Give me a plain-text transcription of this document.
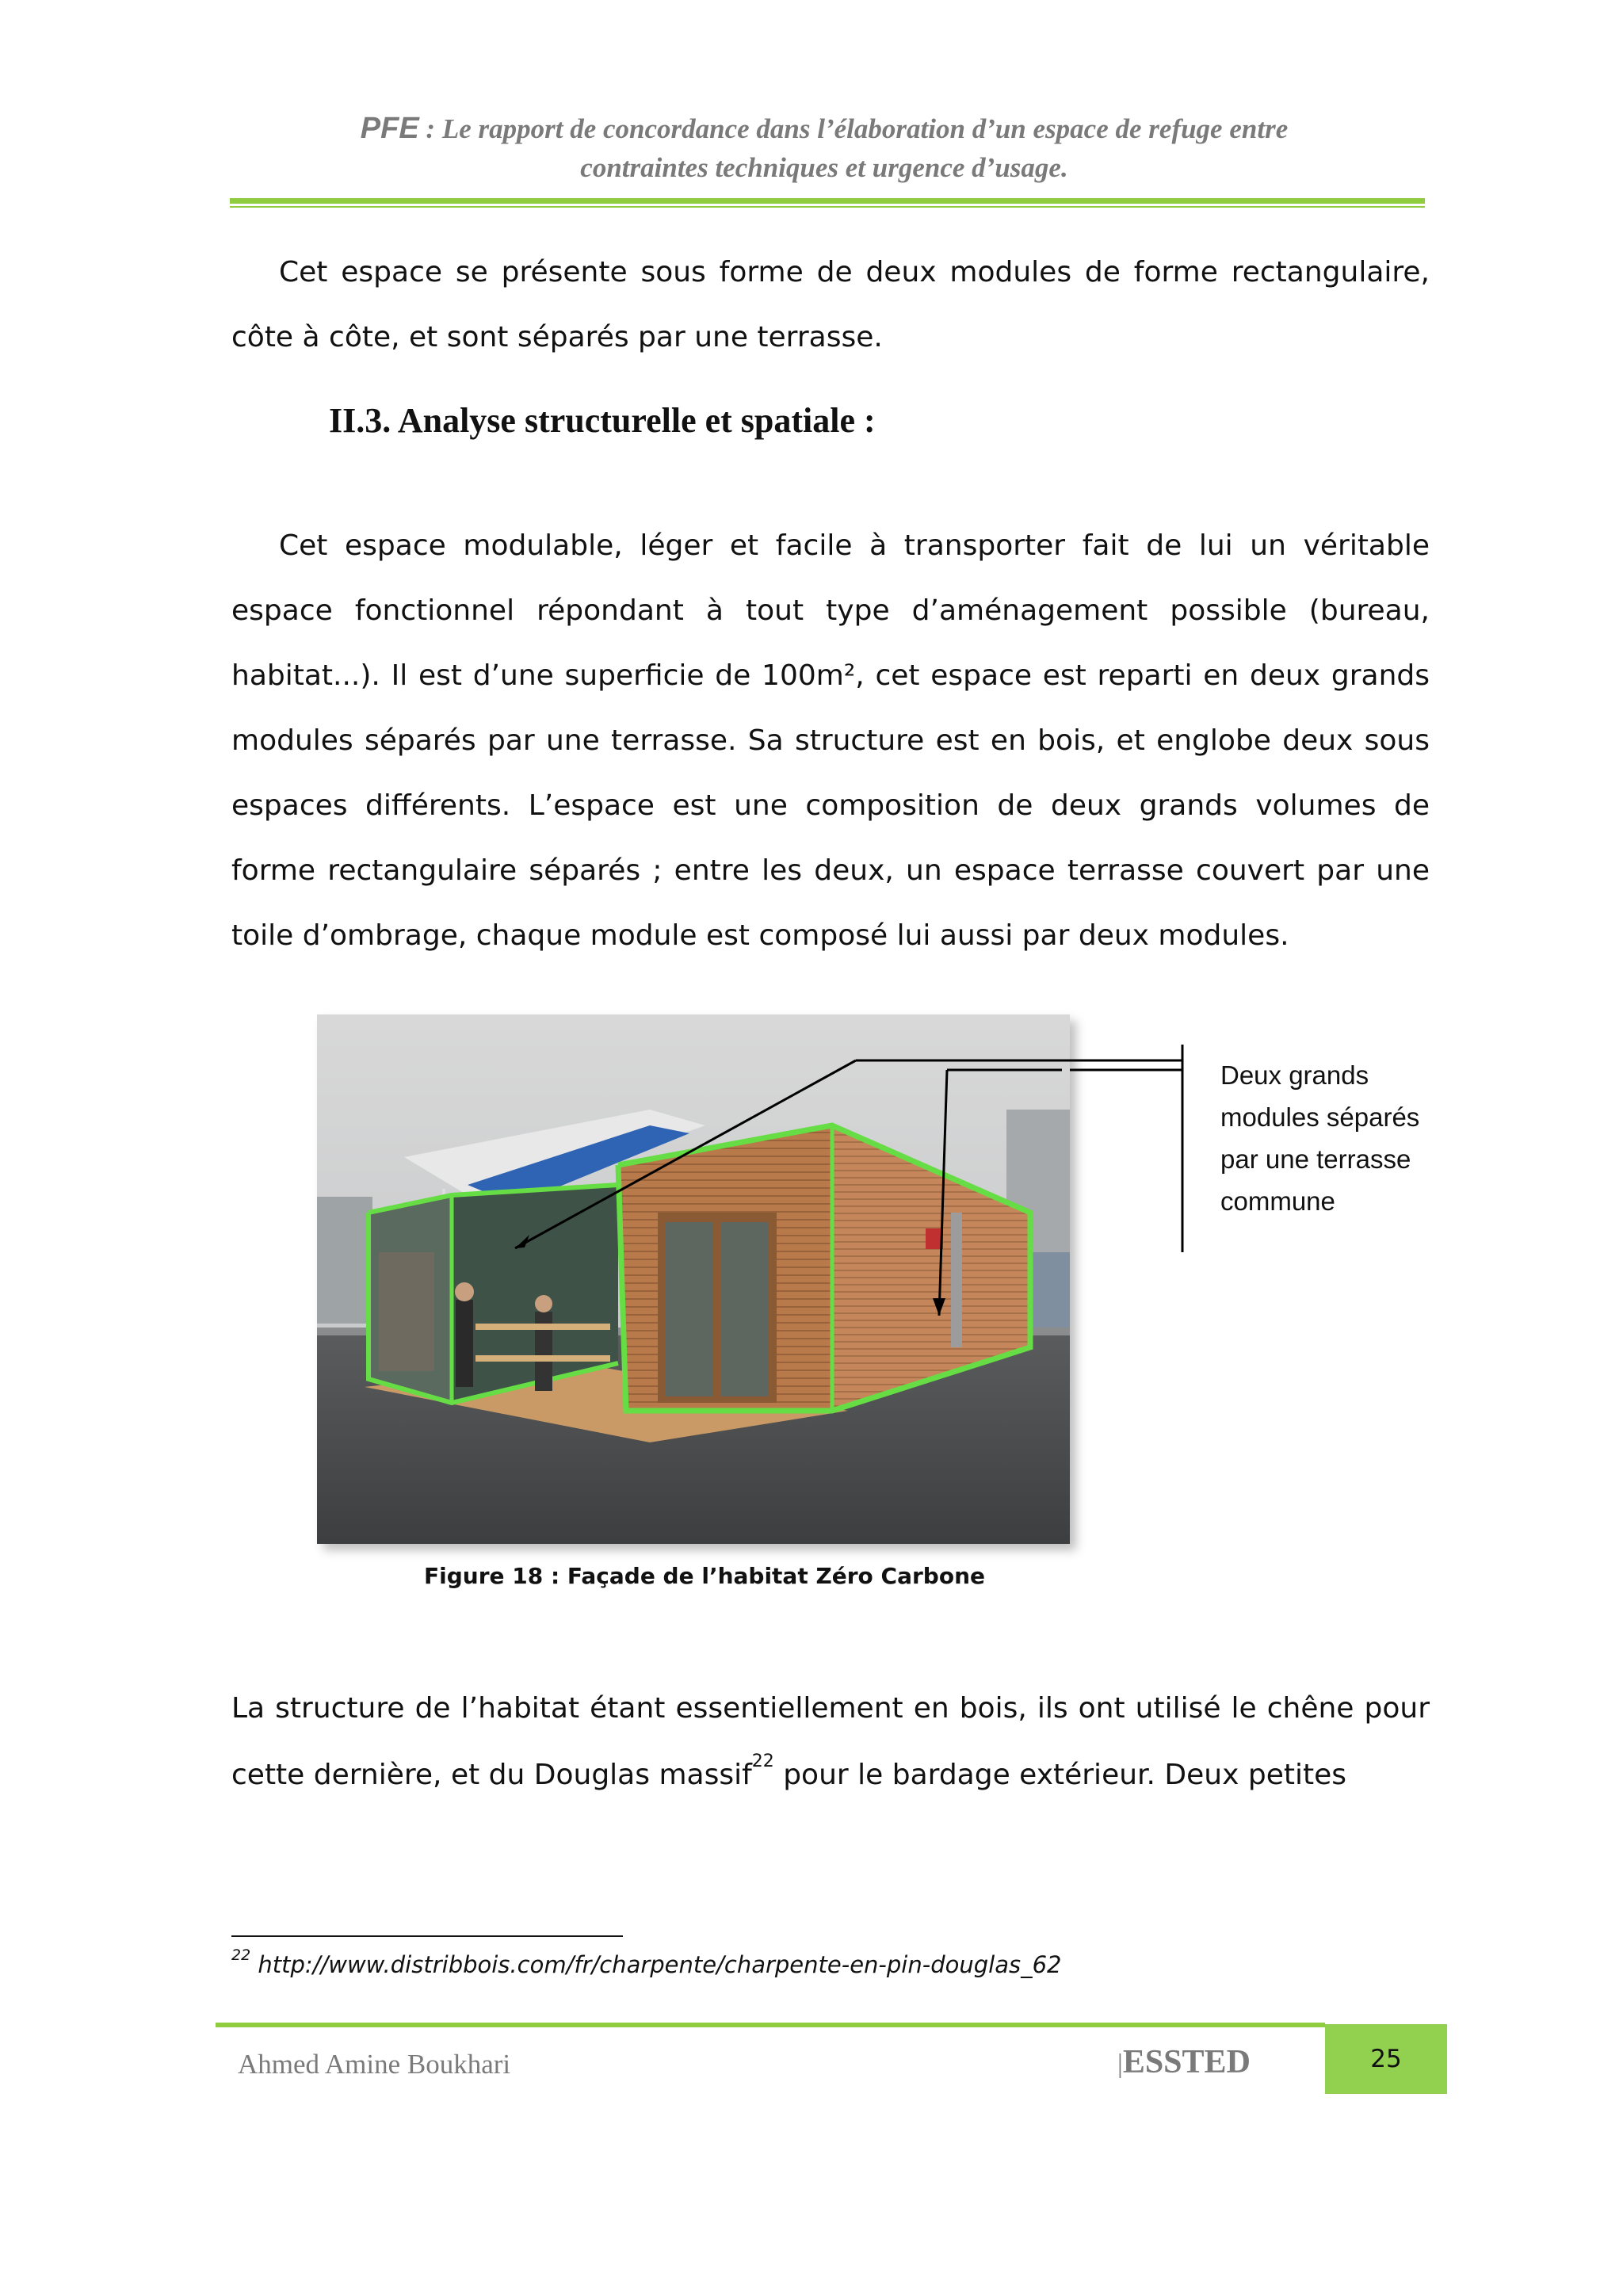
PFE : Le rapport de concordance dans l’élaboration d’un espace de refuge entre
contraintes techniques et urgence d’usage.
Cet espace se présente sous forme de deux modules de forme rectangulaire, côte à côte, et sont séparés par une terrasse.
II.3. Analyse structurelle et spatiale :
Cet espace modulable, léger et facile à transporter fait de lui un véritable espace fonctionnel répondant à tout type d’aménagement possible (bureau, habitat...). Il est d’une superficie de 100m², cet espace est reparti en deux grands modules séparés par une terrasse. Sa structure est en bois, et englobe deux sous espaces différents. L’espace est une composition de deux grands volumes de forme rectangulaire séparés ; entre les deux, un espace terrasse couvert par une toile d’ombrage, chaque module est composé lui aussi par deux modules.
Deux grands
modules séparés
par une terrasse
commune
Figure 18 : Façade de l’habitat Zéro Carbone
La structure de l’habitat étant essentiellement en bois, ils ont utilisé le chêne pour cette dernière, et du Douglas massif$^{22}$ pour le bardage extérieur. Deux petites
$^{22}$ http://www.distribbois.com/fr/charpente/charpente-en-pin-douglas_62
Ahmed Amine Boukhari	|ESSTED	25
